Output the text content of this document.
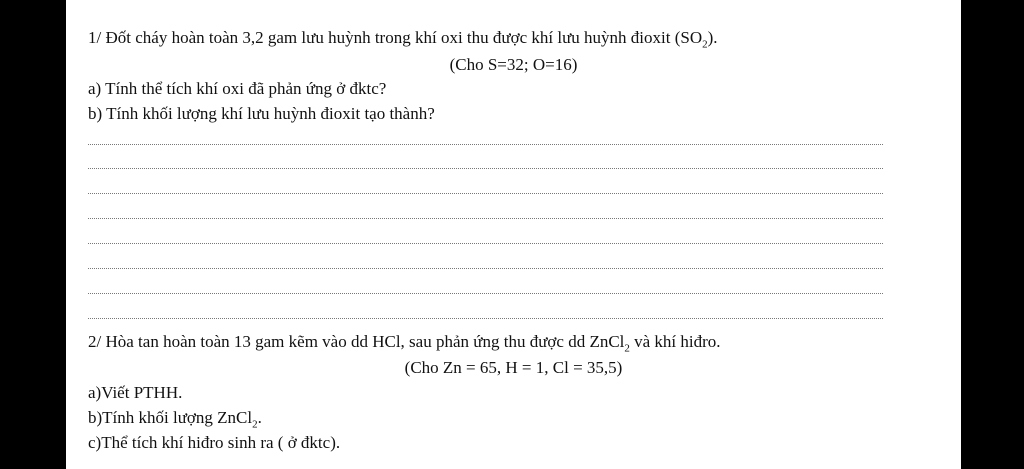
1/ Đốt cháy hoàn toàn 3,2 gam lưu huỳnh trong khí oxi thu được khí lưu huỳnh đioxit $(SO_2)$.
(Cho S=32; O=16)
a) Tính thể tích khí oxi đã phản ứng ở đktc?
b) Tính khối lượng khí lưu huỳnh đioxit tạo thành?
2/ Hòa tan hoàn toàn 13 gam kẽm vào dd HCl, sau phản ứng thu được dd ZnCl$_2$ và khí hiđro.
(Cho Zn = 65, H = 1, Cl = 35,5)
a)Viết PTHH.
b)Tính khối lượng ZnCl$_2$.
c)Thể tích khí hiđro sinh ra ( ở đktc).
